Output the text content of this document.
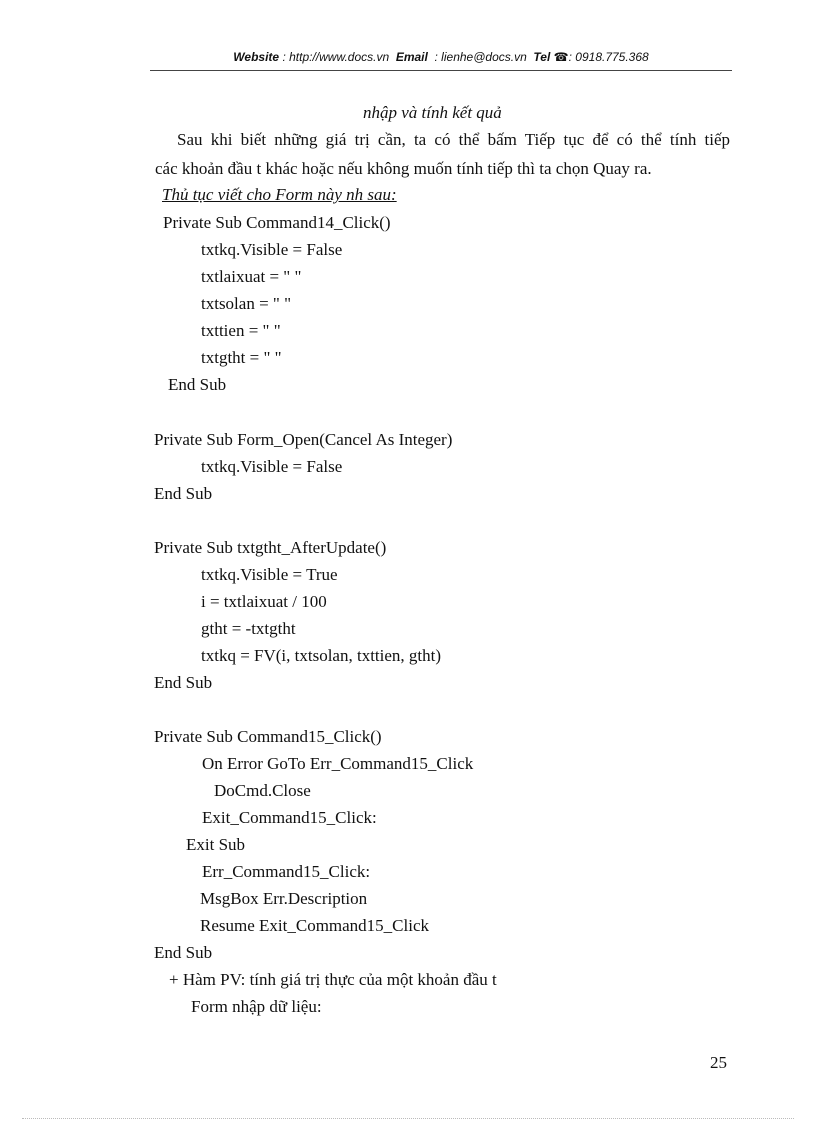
Website : http://www.docs.vn Email : lienhe@docs.vn Tel ☎: 0918.775.368
nhập và tính kết quả
Sau khi biết những giá trị cần, ta có thể bấm Tiếp tục để có thể tính tiếp
các khoản đầu t khác hoặc nếu không muốn tính tiếp thì ta chọn Quay ra.
Thủ tục viết cho Form này nh sau:
Private Sub Command14_Click()
txtkq.Visible = False
txtlaixuat = " "
txtsolan = " "
txttien = " "
txtgtht = " "
End Sub
Private Sub Form_Open(Cancel As Integer)
txtkq.Visible = False
End Sub
Private Sub txtgtht_AfterUpdate()
txtkq.Visible = True
i = txtlaixuat / 100
gtht = -txtgtht
txtkq = FV(i, txtsolan, txttien, gtht)
End Sub
Private Sub Command15_Click()
On Error GoTo Err_Command15_Click
DoCmd.Close
Exit_Command15_Click:
Exit Sub
Err_Command15_Click:
MsgBox Err.Description
Resume Exit_Command15_Click
End Sub
+ Hàm PV: tính giá trị thực của một khoản đầu t
Form nhập dữ liệu:
25
